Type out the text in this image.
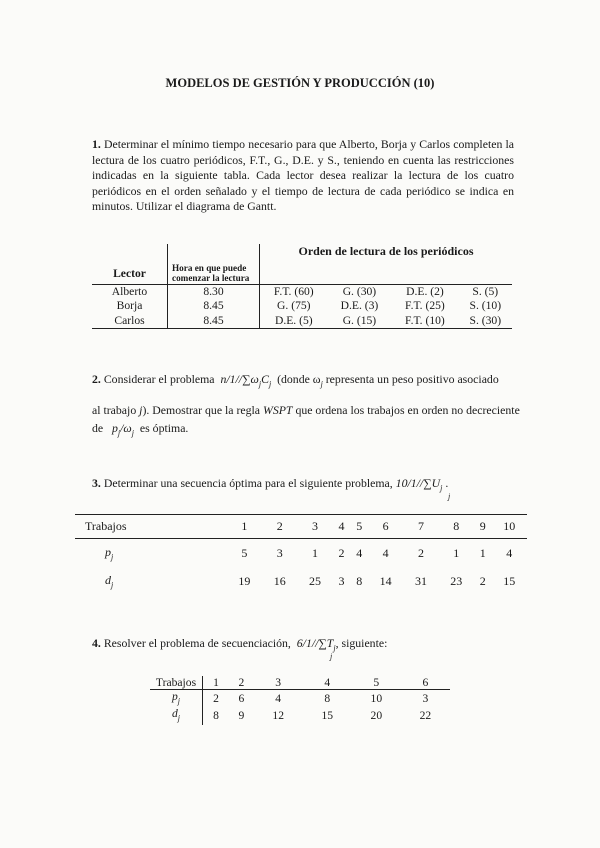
MODELOS DE GESTIÓN Y PRODUCCIÓN (10)
1. Determinar el mínimo tiempo necesario para que Alberto, Borja y Carlos completen la lectura de los cuatro periódicos, F.T., G., D.E. y S., teniendo en cuenta las restricciones indicadas en la siguiente tabla. Cada lector desea realizar la lectura de los cuatro periódicos en el orden señalado y el tiempo de lectura de cada periódico se indica en minutos. Utilizar el diagrama de Gantt.
Lector	Hora en que puede comenzar la lectura	Orden de lectura de los periódicos			
Alberto	8.30	F.T. (60)	G. (30)	D.E. (2)	S. (5)
Borja	8.45	G. (75)	D.E. (3)	F.T. (25)	S. (10)
Carlos	8.45	D.E. (5)	G. (15)	F.T. (10)	S. (30)
2. Considerar el problema $n/1//\sum\omega_jC_j$ (donde $\omega_j$ representa un peso positivo asociado
al trabajo j). Demostrar que la regla WSPT que ordena los trabajos en orden no decreciente
de $p_j/\omega_j$ es óptima.
3. Determinar una secuencia óptima para el siguiente problema, $10/1//\sum U_j$ .
j
Trabajos	1	2	3	4	5	6	7	8	9	10
$p_j$	5	3	1	2	4	4	2	1	1	4
$d_j$	19	16	25	3	8	14	31	23	2	15
4. Resolver el problema de secuenciación, $6/1//\sum T_j$, siguiente:
j
Trabajos	1	2	3	4	5	6
$p_j$	2	6	4	8	10	3
$d_j$	8	9	12	15	20	22
